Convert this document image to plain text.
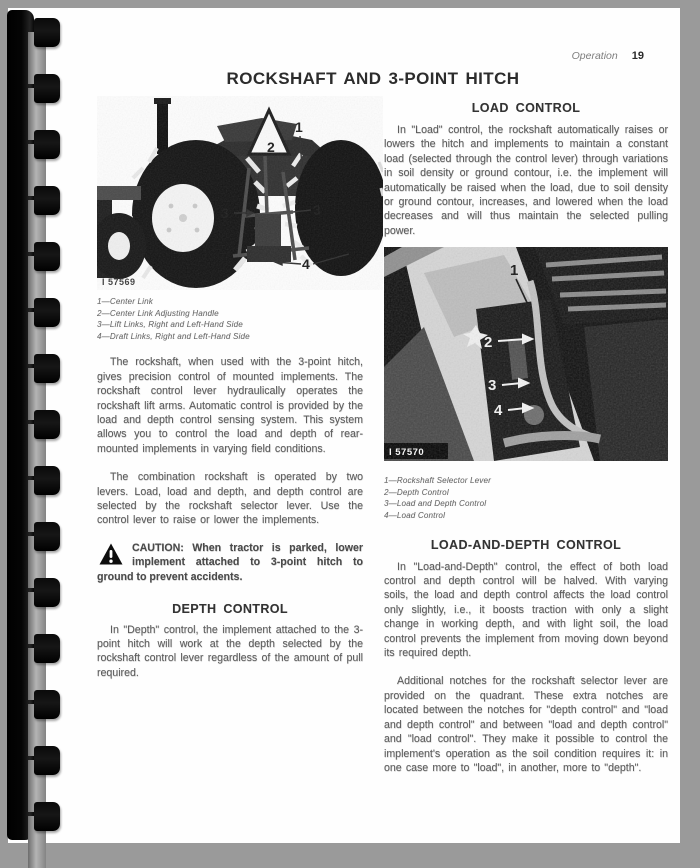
Operation 19
ROCKSHAFT AND 3-POINT HITCH
1
2
3	3
4
I 57569
1—Center Link
2—Center Link Adjusting Handle
3—Lift Links, Right and Left-Hand Side
4—Draft Links, Right and Left-Hand Side
The rockshaft, when used with the 3-point hitch, gives precision control of mounted implements. The rockshaft control lever hydraulically operates the rockshaft lift arms. Automatic control is provided by the load and depth control sensing system. This system allows you to control the load and depth of rear-mounted implements in varying field conditions.
The combination rockshaft is operated by two levers. Load, load and depth, and depth control are selected by the rockshaft selector lever. Use the control lever to raise or lower the implements.
CAUTION: When tractor is parked, lower implement attached to 3-point hitch to ground to prevent accidents.
DEPTH CONTROL
In "Depth" control, the implement attached to the 3-point hitch will work at the depth selected by the rockshaft control lever regardless of the amount of pull required.
LOAD CONTROL
In "Load" control, the rockshaft automatically raises or lowers the hitch and implements to maintain a constant load (selected through the control lever) through variations in soil density or ground contour, i.e. the implement will automatically be raised when the load, due to soil density or ground contour, increases, and lowered when the load decreases and will thus maintain the selected pulling power.
1
2
3
4
I 57570
1—Rockshaft Selector Lever
2—Depth Control
3—Load and Depth Control
4—Load Control
LOAD-AND-DEPTH CONTROL
In "Load-and-Depth" control, the effect of both load control and depth control will be halved. With varying soils, the load and depth control affects the load control only slightly, i.e., it boosts traction with only a slight change in working depth, and with light soil, the load control prevents the implement from moving down beyond its required depth.
Additional notches for the rockshaft selector lever are provided on the quadrant. These extra notches are located between the notches for "depth control" and "load and depth control" and between "load and depth control" and "load control". They make it possible to control the implement's operation as the soil condition requires it: in one case more to "load", in another, more to "depth".
